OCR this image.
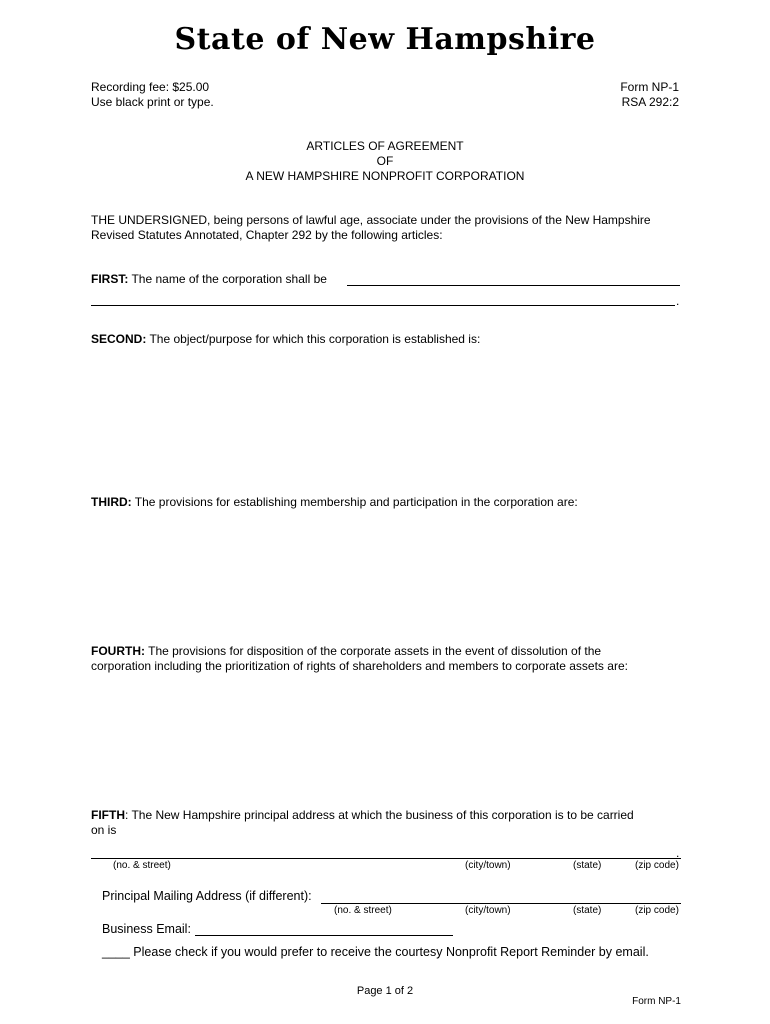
State of New Hampshire
Recording fee: $25.00
Use black print or type.
Form NP-1
RSA 292:2
ARTICLES OF AGREEMENT
OF
A NEW HAMPSHIRE NONPROFIT CORPORATION
THE UNDERSIGNED, being persons of lawful age, associate under the provisions of the New Hampshire
Revised Statutes Annotated, Chapter 292 by the following articles:
FIRST: The name of the corporation shall be
.
SECOND: The object/purpose for which this corporation is established is:
THIRD: The provisions for establishing membership and participation in the corporation are:
FOURTH: The provisions for disposition of the corporate assets in the event of dissolution of the
corporation including the prioritization of rights of shareholders and members to corporate assets are:
FIFTH: The New Hampshire principal address at which the business of this corporation is to be carried
on is
.
(no. & street)	(city/town)	(state)	(zip code)
Principal Mailing Address (if different):
(no. & street)	(city/town)	(state)	(zip code)
Business Email:
____ Please check if you would prefer to receive the courtesy Nonprofit Report Reminder by email.
Page 1 of 2
Form NP-1
